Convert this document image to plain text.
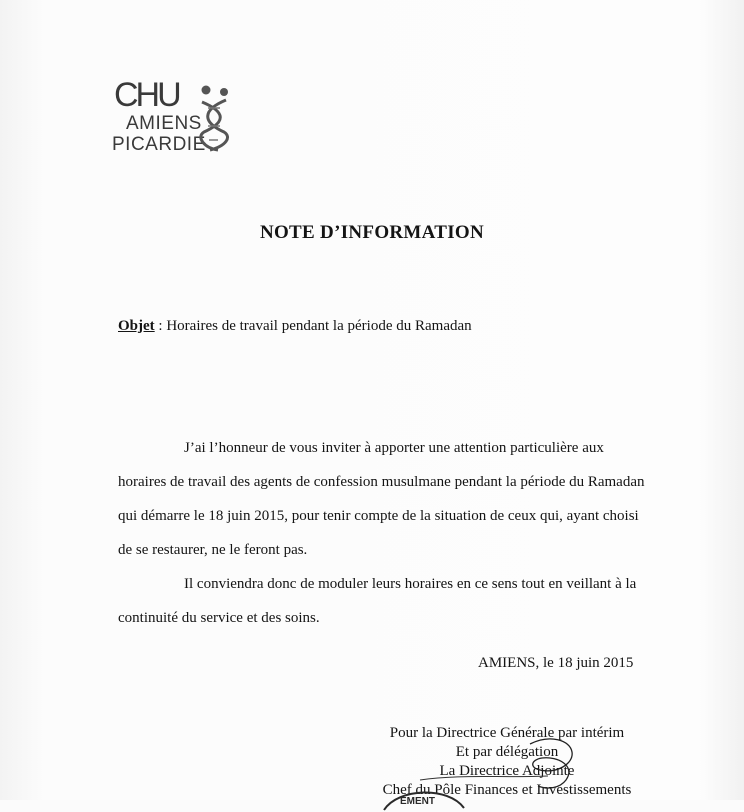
CHU
AMIENS
PICARDIE
NOTE D’INFORMATION
Objet : Horaires de travail pendant la période du Ramadan
J’ai l’honneur de vous inviter à apporter une attention particulière aux
horaires de travail des agents de confession musulmane pendant la période du Ramadan
qui démarre le 18 juin 2015, pour tenir compte de la situation de ceux qui, ayant choisi
de se restaurer, ne le feront pas.
Il conviendra donc de moduler leurs horaires en ce sens tout en veillant à la
continuité du service et des soins.
AMIENS, le 18 juin 2015
Pour la Directrice Générale par intérim
Et par délégation
La Directrice Adjointe
Chef du Pôle Finances et Investissements
EMENT
